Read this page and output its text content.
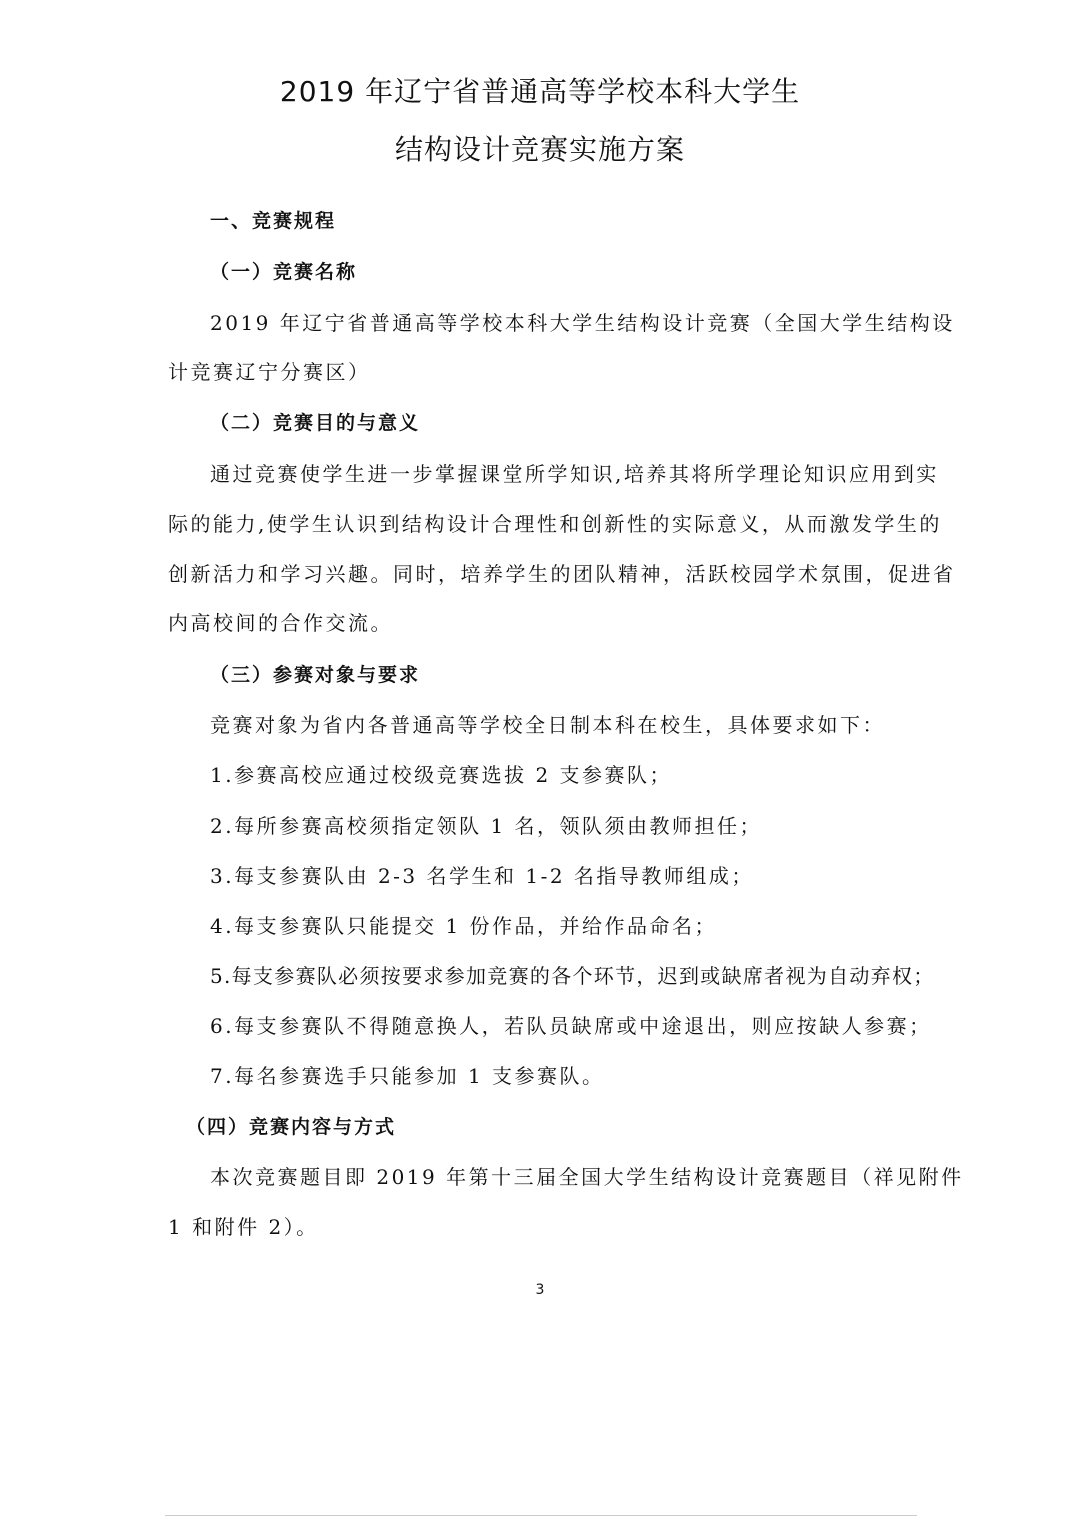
2019 年辽宁省普通高等学校本科大学生
结构设计竞赛实施方案
一、竞赛规程
（一）竞赛名称
2019 年辽宁省普通高等学校本科大学生结构设计竞赛（全国大学生结构设
计竞赛辽宁分赛区）
（二）竞赛目的与意义
通过竞赛使学生进一步掌握课堂所学知识,培养其将所学理论知识应用到实
际的能力,使学生认识到结构设计合理性和创新性的实际意义，从而激发学生的
创新活力和学习兴趣。同时，培养学生的团队精神，活跃校园学术氛围，促进省
内高校间的合作交流。
（三）参赛对象与要求
竞赛对象为省内各普通高等学校全日制本科在校生，具体要求如下：
1.参赛高校应通过校级竞赛选拔 2 支参赛队；
2.每所参赛高校须指定领队 1 名，领队须由教师担任；
3.每支参赛队由 2-3 名学生和 1-2 名指导教师组成；
4.每支参赛队只能提交 1 份作品，并给作品命名；
5.每支参赛队必须按要求参加竞赛的各个环节，迟到或缺席者视为自动弃权；
6.每支参赛队不得随意换人，若队员缺席或中途退出，则应按缺人参赛；
7.每名参赛选手只能参加 1 支参赛队。
（四）竞赛内容与方式
本次竞赛题目即 2019 年第十三届全国大学生结构设计竞赛题目（祥见附件
1 和附件 2）。
3
